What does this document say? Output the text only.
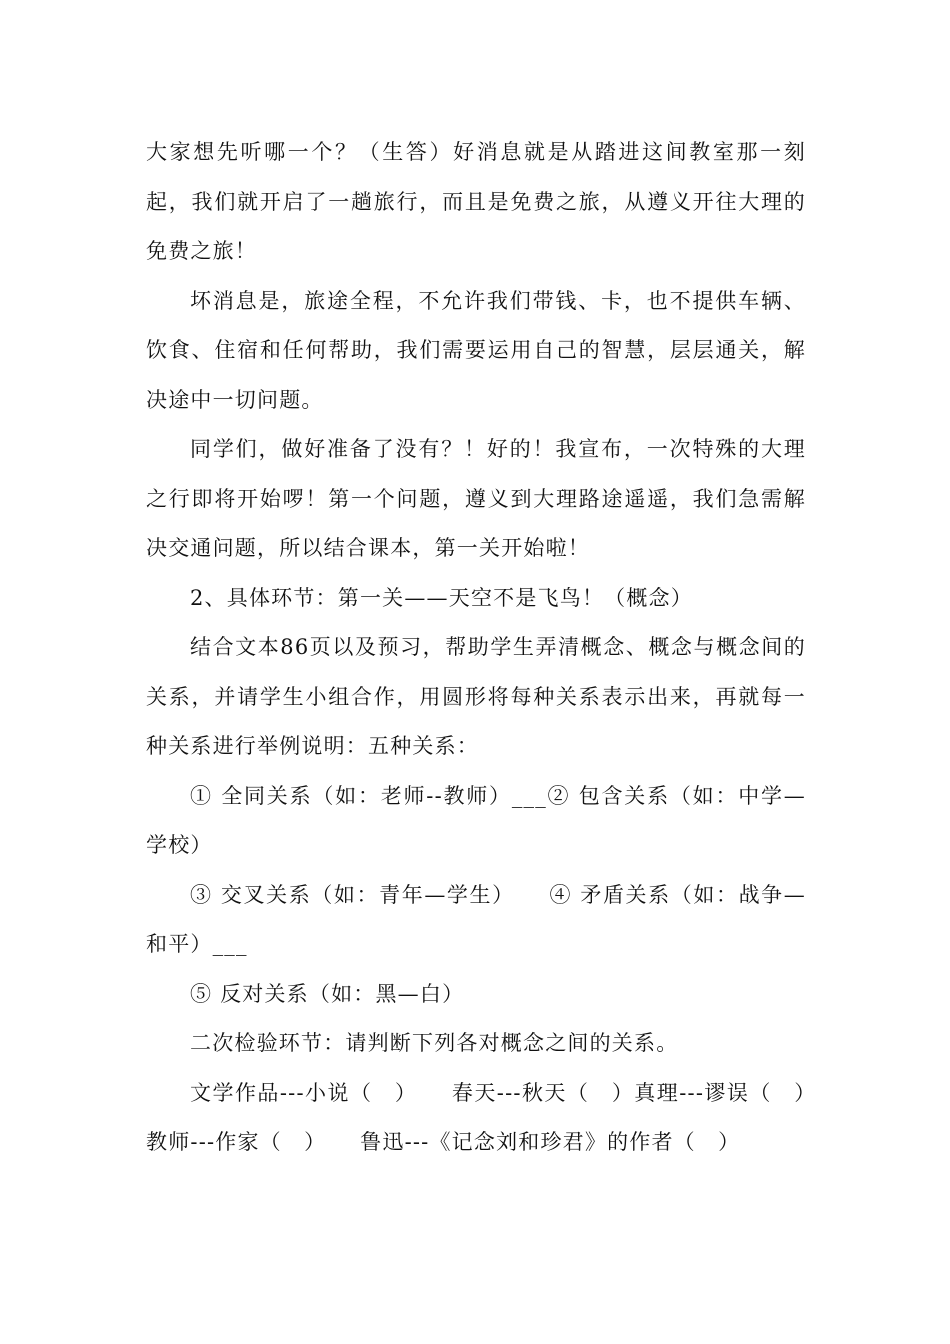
大家想先听哪一个？（生答）好消息就是从踏进这间教室那一刻起，我们就开启了一趟旅行，而且是免费之旅，从遵义开往大理的免费之旅！

坏消息是，旅途全程，不允许我们带钱、卡，也不提供车辆、饮食、住宿和任何帮助，我们需要运用自己的智慧，层层通关，解决途中一切问题。

同学们，做好准备了没有？！好的！我宣布，一次特殊的大理之行即将开始啰！第一个问题，遵义到大理路途遥遥，我们急需解决交通问题，所以结合课本，第一关开始啦！

2、具体环节：第一关——天空不是飞鸟！（概念）

结合文本86页以及预习，帮助学生弄清概念、概念与概念间的关系，并请学生小组合作，用圆形将每种关系表示出来，再就每一种关系进行举例说明：五种关系：

① 全同关系（如：老师--教师）___② 包含关系（如：中学—学校）

③ 交叉关系（如：青年—学生）　　④ 矛盾关系（如：战争—和平）___

⑤ 反对关系（如：黑—白）

二次检验环节：请判断下列各对概念之间的关系。

文学作品---小说（　）　　春天---秋天（　）真理---谬误（　）教师---作家（　）　　鲁迅---《记念刘和珍君》的作者（　）
